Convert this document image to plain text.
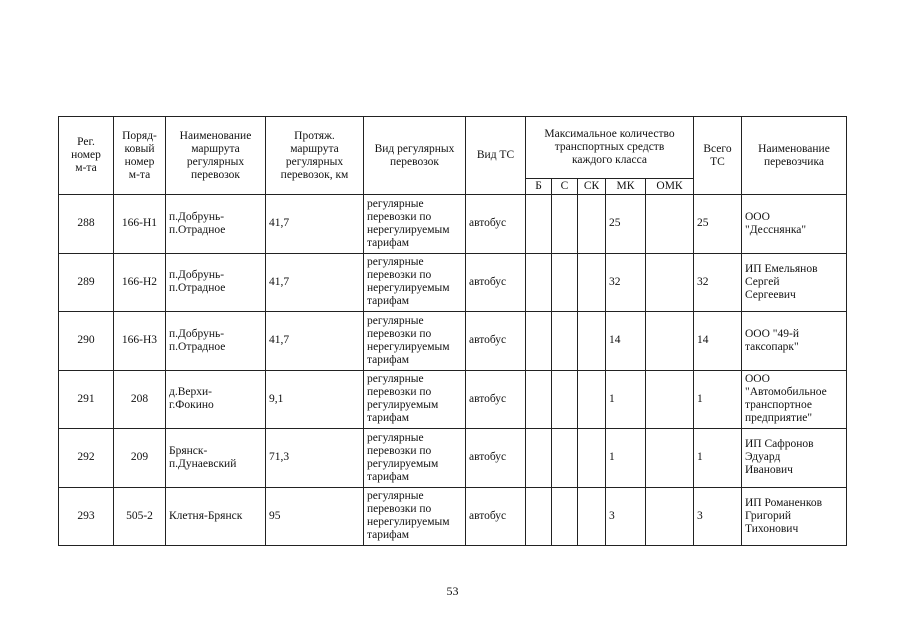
Рег.
номер
м-та	Поряд-
ковый
номер
м-та	Наименование
маршрута
регулярных
перевозок	Протяж.
маршрута
регулярных
перевозок, км	Вид регулярных
перевозок	Вид ТС	Максимальное количество
транспортных средств
каждого класса					Всего
ТС	Наименование
перевозчика
						Б	С	СК	МК	ОМК		
288	166-Н1	п.Добрунь-
п.Отрадное	41,7	регулярные
перевозки по
нерегулируемым
тарифам	автобус				25		25	ООО
"Десснянка"
289	166-Н2	п.Добрунь-
п.Отрадное	41,7	регулярные
перевозки по
нерегулируемым
тарифам	автобус				32		32	ИП Емельянов
Сергей
Сергеевич
290	166-Н3	п.Добрунь-
п.Отрадное	41,7	регулярные
перевозки по
нерегулируемым
тарифам	автобус				14		14	ООО "49-й
таксопарк"
291	208	д.Верхи-
г.Фокино	9,1	регулярные
перевозки по
регулируемым
тарифам	автобус				1		1	ООО
"Автомобильное
транспортное
предприятие"
292	209	Брянск-
п.Дунаевский	71,3	регулярные
перевозки по
регулируемым
тарифам	автобус				1		1	ИП Сафронов
Эдуард
Иванович
293	505-2	Клетня-Брянск	95	регулярные
перевозки по
нерегулируемым
тарифам	автобус				3		3	ИП Романенков
Григорий
Тихонович
53
